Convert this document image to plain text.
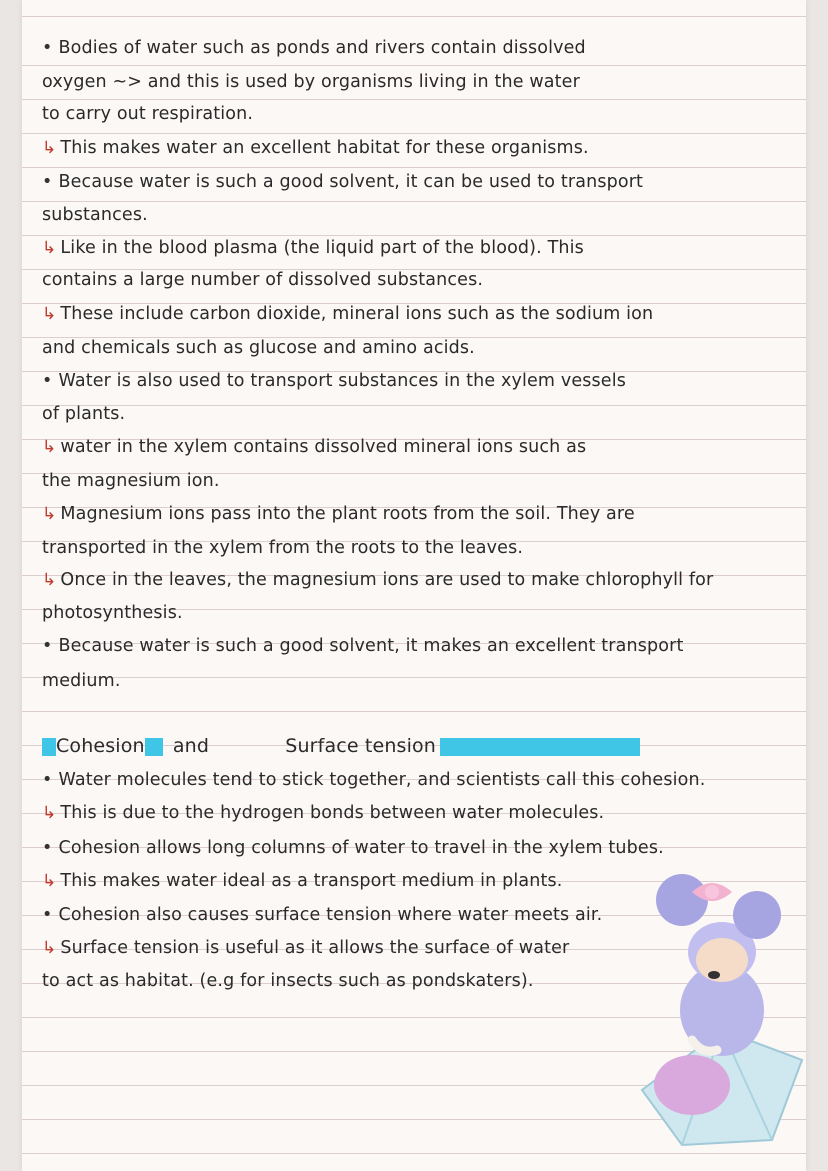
• Bodies of water such as ponds and rivers contain dissolved
oxygen ~> and this is used by organisms living in the water
to carry out respiration.
↳ This makes water an excellent habitat for these organisms.
• Because water is such a good solvent, it can be used to transport
substances.
↳ Like in the blood plasma (the liquid part of the blood). This
contains a large number of dissolved substances.
↳ These include carbon dioxide, mineral ions such as the sodium ion
and chemicals such as glucose and amino acids.
• Water is also used to transport substances in the xylem vessels
of plants.
↳ water in the xylem contains dissolved mineral ions such as
the magnesium ion.
↳ Magnesium ions pass into the plant roots from the soil. They are
transported in the xylem from the roots to the leaves.
↳ Once in the leaves, the magnesium ions are used to make chlorophyll for
photosynthesis.
• Because water is such a good solvent, it makes an excellent transport
medium.
Cohesion and	Surface tension
• Water molecules tend to stick together, and scientists call this cohesion.
↳ This is due to the hydrogen bonds between water molecules.
• Cohesion allows long columns of water to travel in the xylem tubes.
↳ This makes water ideal as a transport medium in plants.
• Cohesion also causes surface tension where water meets air.
↳ Surface tension is useful as it allows the surface of water
to act as habitat. (e.g for insects such as pondskaters).
